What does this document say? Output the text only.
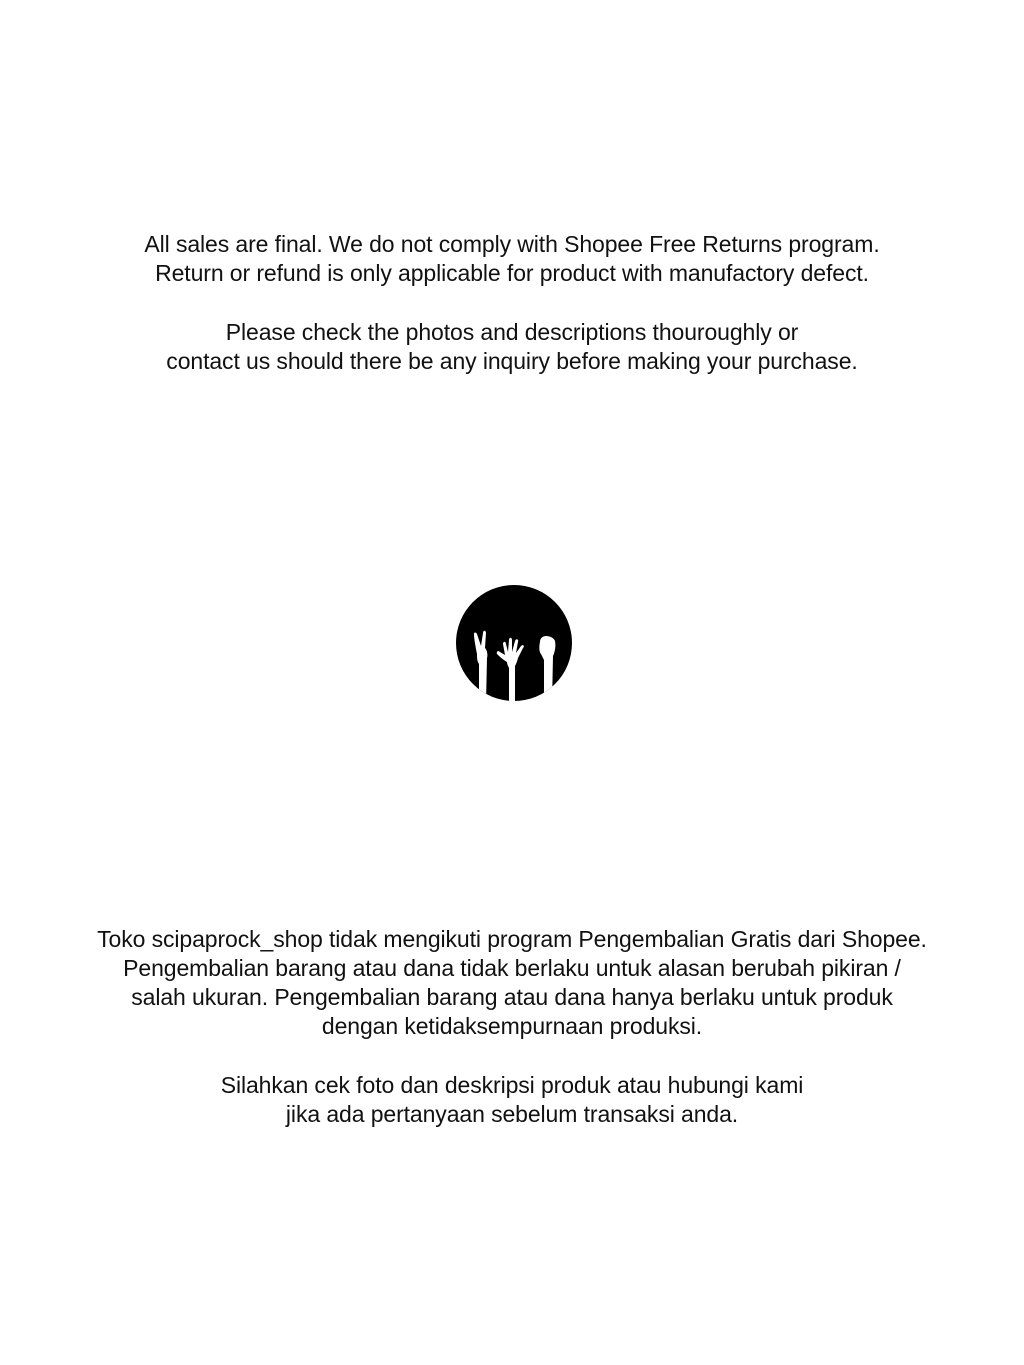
All sales are final. We do not comply with Shopee Free Returns program.
Return or refund is only applicable for product with manufactory defect.

Please check the photos and descriptions thouroughly or
contact us should there be any inquiry before making your purchase.

Toko scipaprock_shop tidak mengikuti program Pengembalian Gratis dari Shopee.
Pengembalian barang atau dana tidak berlaku untuk alasan berubah pikiran /
salah ukuran. Pengembalian barang atau dana hanya berlaku untuk produk
dengan ketidaksempurnaan produksi.

Silahkan cek foto dan deskripsi produk atau hubungi kami
jika ada pertanyaan sebelum transaksi anda.
